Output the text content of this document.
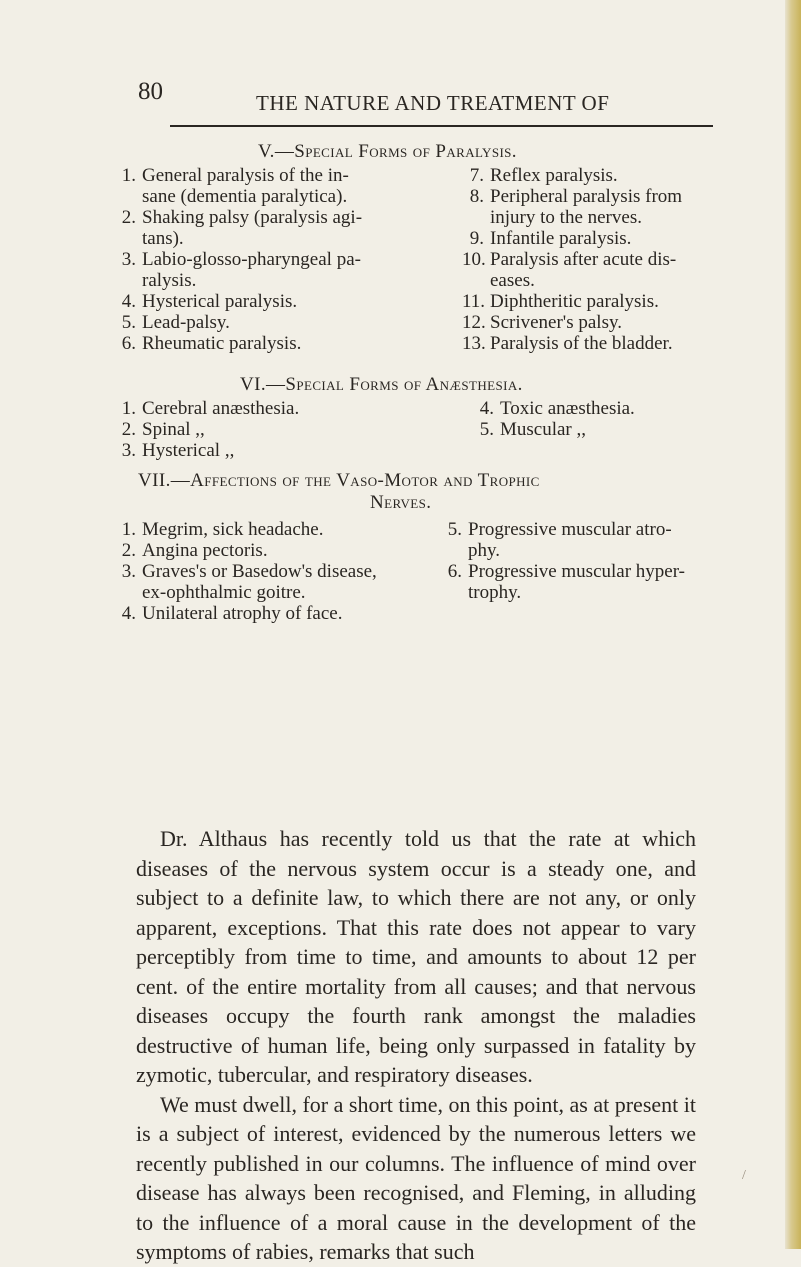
80	THE NATURE AND TREATMENT OF
V.—Special Forms of Paralysis.
1. General paralysis of the in-
sane (dementia paralytica).
2. Shaking palsy (paralysis agi-
tans).
3. Labio-glosso-pharyngeal pa-
ralysis.
4. Hysterical paralysis.
5. Lead-palsy.
6. Rheumatic paralysis.
7. Reflex paralysis.
8. Peripheral paralysis from
injury to the nerves.
9. Infantile paralysis.
10. Paralysis after acute dis-
eases.
11. Diphtheritic paralysis.
12. Scrivener's palsy.
13. Paralysis of the bladder.
VI.—Special Forms of Anæsthesia.
1. Cerebral anæsthesia.
2. Spinal ,,
3. Hysterical ,,
4. Toxic anæsthesia.
5. Muscular ,,
VII.—Affections of the Vaso-Motor and Trophic
Nerves.
1. Megrim, sick headache.
2. Angina pectoris.
3. Graves's or Basedow's disease,
ex-ophthalmic goitre.
4. Unilateral atrophy of face.
5. Progressive muscular atro-
phy.
6. Progressive muscular hyper-
trophy.

Dr. Althaus has recently told us that the rate at which diseases of the nervous system occur is a steady one, and subject to a definite law, to which there are not any, or only apparent, exceptions. That this rate does not appear to vary perceptibly from time to time, and amounts to about 12 per cent. of the entire mortality from all causes; and that nervous diseases occupy the fourth rank amongst the maladies destructive of human life, being only surpassed in fatality by zymotic, tubercular, and respiratory diseases.

We must dwell, for a short time, on this point, as at present it is a subject of interest, evidenced by the numerous letters we recently published in our columns. The influence of mind over disease has always been recognised, and Fleming, in alluding to the influence of a moral cause in the development of the symptoms of rabies, remarks that such

/
